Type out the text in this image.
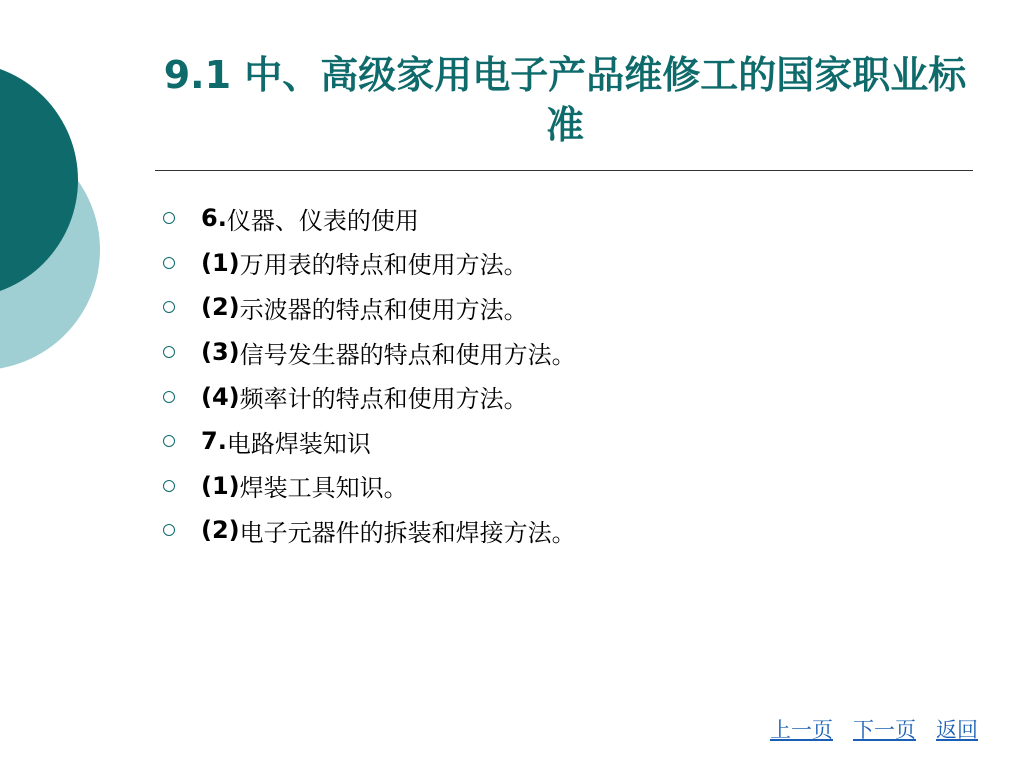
9.1 中、高级家用电子产品维修工的国家职业标准
6. 仪器、仪表的使用
(1) 万用表的特点和使用方法。
(2) 示波器的特点和使用方法。
(3) 信号发生器的特点和使用方法。
(4) 频率计的特点和使用方法。
7. 电路焊装知识
(1) 焊装工具知识。
(2) 电子元器件的拆装和焊接方法。
上一页 下一页 返回
